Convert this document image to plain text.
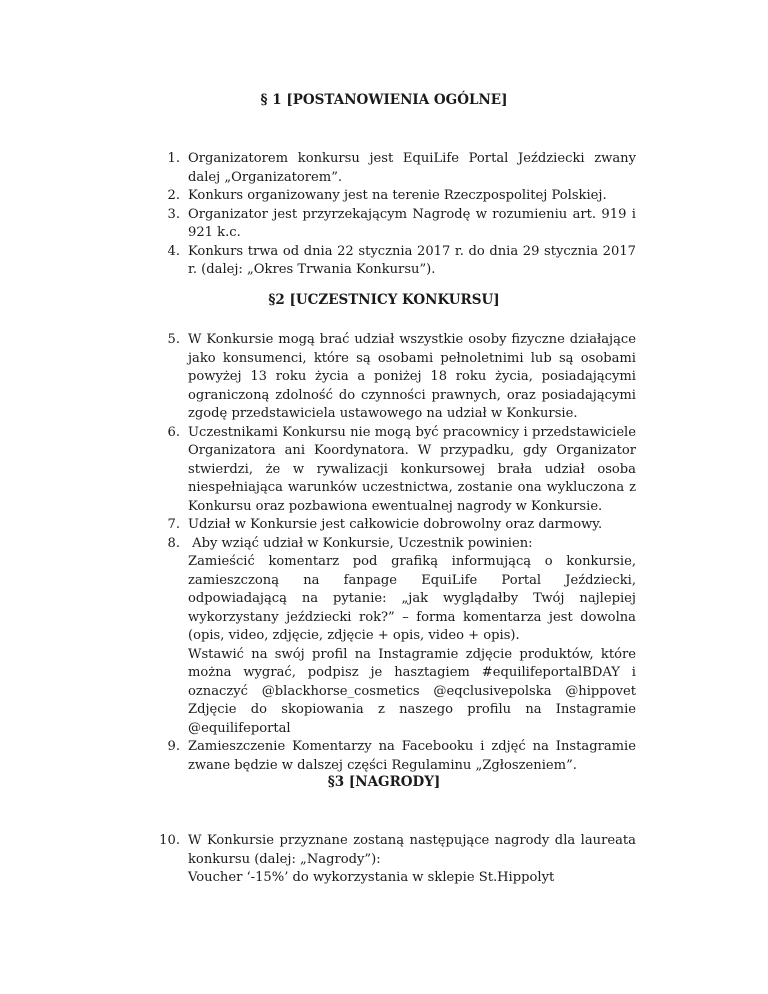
§ 1 [POSTANOWIENIA OGÓLNE]
1. Organizatorem konkursu jest EquiLife Portal Jeździecki zwany dalej „Organizatorem”.

2. Konkurs organizowany jest na terenie Rzeczpospolitej Polskiej.

3. Organizator jest przyrzekającym Nagrodę w rozumieniu art. 919 i 921 k.c.

4. Konkurs trwa od dnia 22 stycznia 2017 r. do dnia 29 stycznia 2017 r. (dalej: „Okres Trwania Konkursu”).

§2 [UCZESTNICY KONKURSU]
5. W Konkursie mogą brać udział wszystkie osoby fizyczne działające jako konsumenci, które są osobami pełnoletnimi lub są osobami powyżej 13 roku życia a poniżej 18 roku życia, posiadającymi ograniczoną zdolność do czynności prawnych, oraz posiadającymi zgodę przedstawiciela ustawowego na udział w Konkursie.

6. Uczestnikami Konkursu nie mogą być pracownicy i przedstawiciele Organizatora ani Koordynatora. W przypadku, gdy Organizator stwierdzi, że w rywalizacji konkursowej brała udział osoba niespełniająca warunków uczestnictwa, zostanie ona wykluczona z Konkursu oraz pozbawiona ewentualnej nagrody w Konkursie.

7. Udział w Konkursie jest całkowicie dobrowolny oraz darmowy.

8. Aby wziąć udział w Konkursie, Uczestnik powinien:

Zamieścić komentarz pod grafiką informującą o konkursie, zamieszczoną na fanpage EquiLife Portal Jeździecki, odpowiadającą na pytanie: „jak wyglądałby Twój najlepiej wykorzystany jeździecki rok?” – forma komentarza jest dowolna (opis, video, zdjęcie, zdjęcie + opis, video + opis).

Wstawić na swój profil na Instagramie zdjęcie produktów, które można wygrać, podpisz je hasztagiem #equilifeportalBDAY i oznaczyć @blackhorse_cosmetics @eqclusivepolska @hippovet

Zdjęcie do skopiowania z naszego profilu na Instagramie @equilifeportal

9. Zamieszczenie Komentarzy na Facebooku i zdjęć na Instagramie zwane będzie w dalszej części Regulaminu „Zgłoszeniem”.

§3 [NAGRODY]
10. W Konkursie przyznane zostaną następujące nagrody dla laureata konkursu (dalej: „Nagrody”):

Voucher ‘-15%’ do wykorzystania w sklepie St.Hippolyt
